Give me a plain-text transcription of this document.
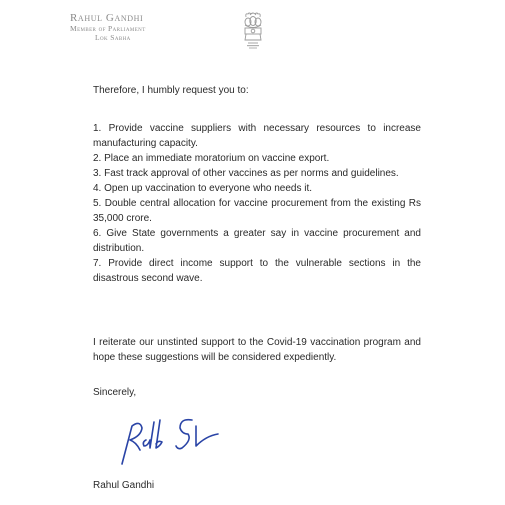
Rahul Gandhi
Member of Parliament
Lok Sabha

Therefore, I humbly request you to:

1. Provide vaccine suppliers with necessary resources to increase manufacturing capacity.

2. Place an immediate moratorium on vaccine export.

3. Fast track approval of other vaccines as per norms and guidelines.

4. Open up vaccination to everyone who needs it.

5. Double central allocation for vaccine procurement from the existing Rs 35,000 crore.

6. Give State governments a greater say in vaccine procurement and distribution.

7. Provide direct income support to the vulnerable sections in the disastrous second wave.

I reiterate our unstinted support to the Covid-19 vaccination program and hope these suggestions will be considered expediently.

Sincerely,

Rahul Gandhi
